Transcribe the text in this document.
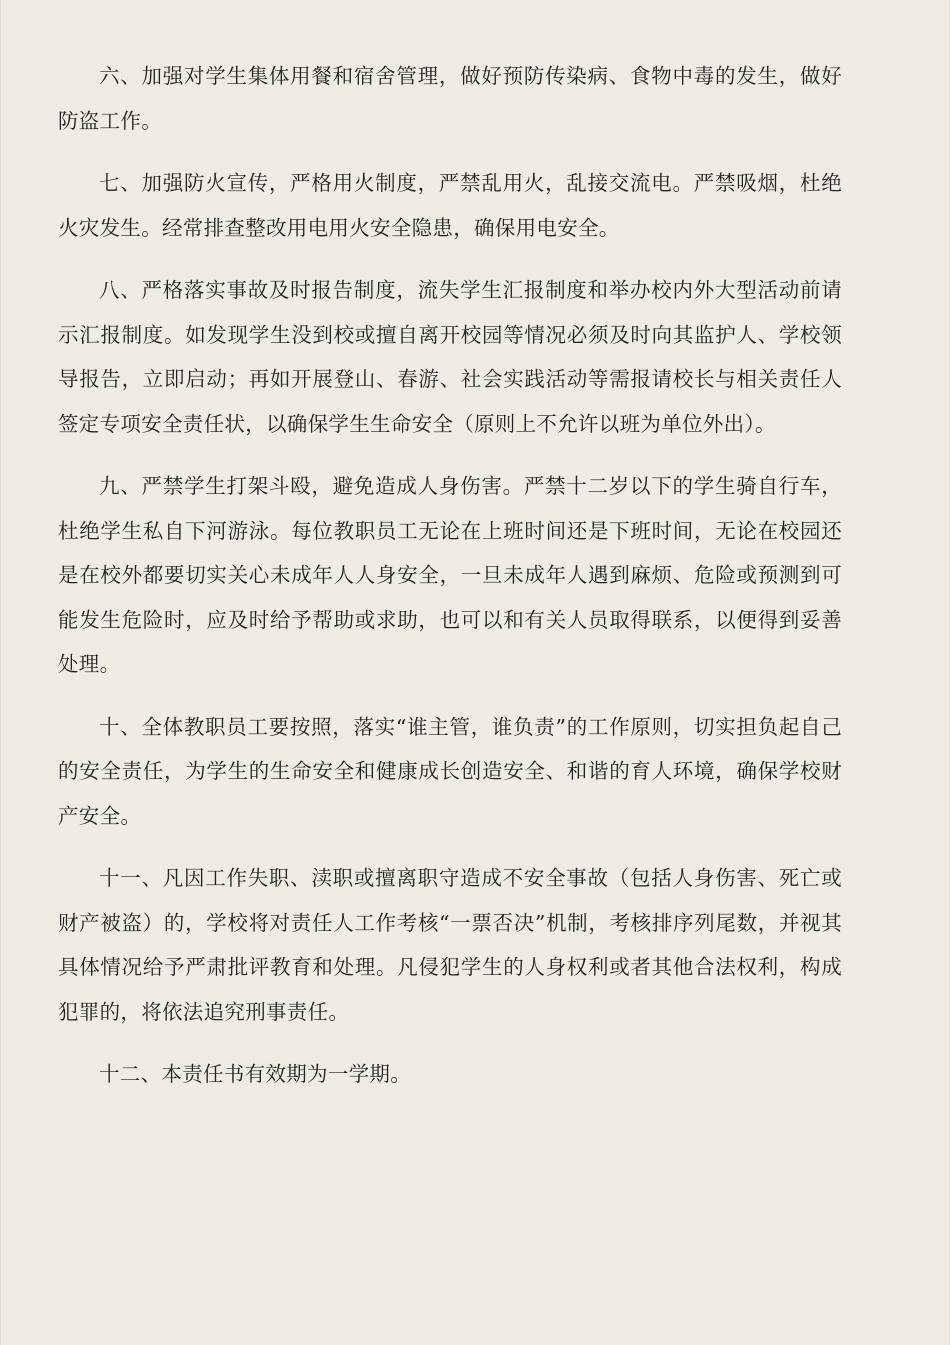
六、加强对学生集体用餐和宿舍管理，做好预防传染病、食物中毒的发生，做好防盗工作。

七、加强防火宣传，严格用火制度，严禁乱用火，乱接交流电。严禁吸烟，杜绝火灾发生。经常排查整改用电用火安全隐患，确保用电安全。

八、严格落实事故及时报告制度，流失学生汇报制度和举办校内外大型活动前请示汇报制度。如发现学生没到校或擅自离开校园等情况必须及时向其监护人、学校领导报告，立即启动；再如开展登山、春游、社会实践活动等需报请校长与相关责任人签定专项安全责任状，以确保学生生命安全（原则上不允许以班为单位外出）。

九、严禁学生打架斗殴，避免造成人身伤害。严禁十二岁以下的学生骑自行车，杜绝学生私自下河游泳。每位教职员工无论在上班时间还是下班时间，无论在校园还是在校外都要切实关心未成年人人身安全，一旦未成年人遇到麻烦、危险或预测到可能发生危险时，应及时给予帮助或求助，也可以和有关人员取得联系，以便得到妥善处理。

十、全体教职员工要按照，落实“谁主管，谁负责”的工作原则，切实担负起自己的安全责任，为学生的生命安全和健康成长创造安全、和谐的育人环境，确保学校财产安全。

十一、凡因工作失职、渎职或擅离职守造成不安全事故（包括人身伤害、死亡或财产被盗）的，学校将对责任人工作考核“一票否决”机制，考核排序列尾数，并视其具体情况给予严肃批评教育和处理。凡侵犯学生的人身权利或者其他合法权利，构成犯罪的，将依法追究刑事责任。

十二、本责任书有效期为一学期。
